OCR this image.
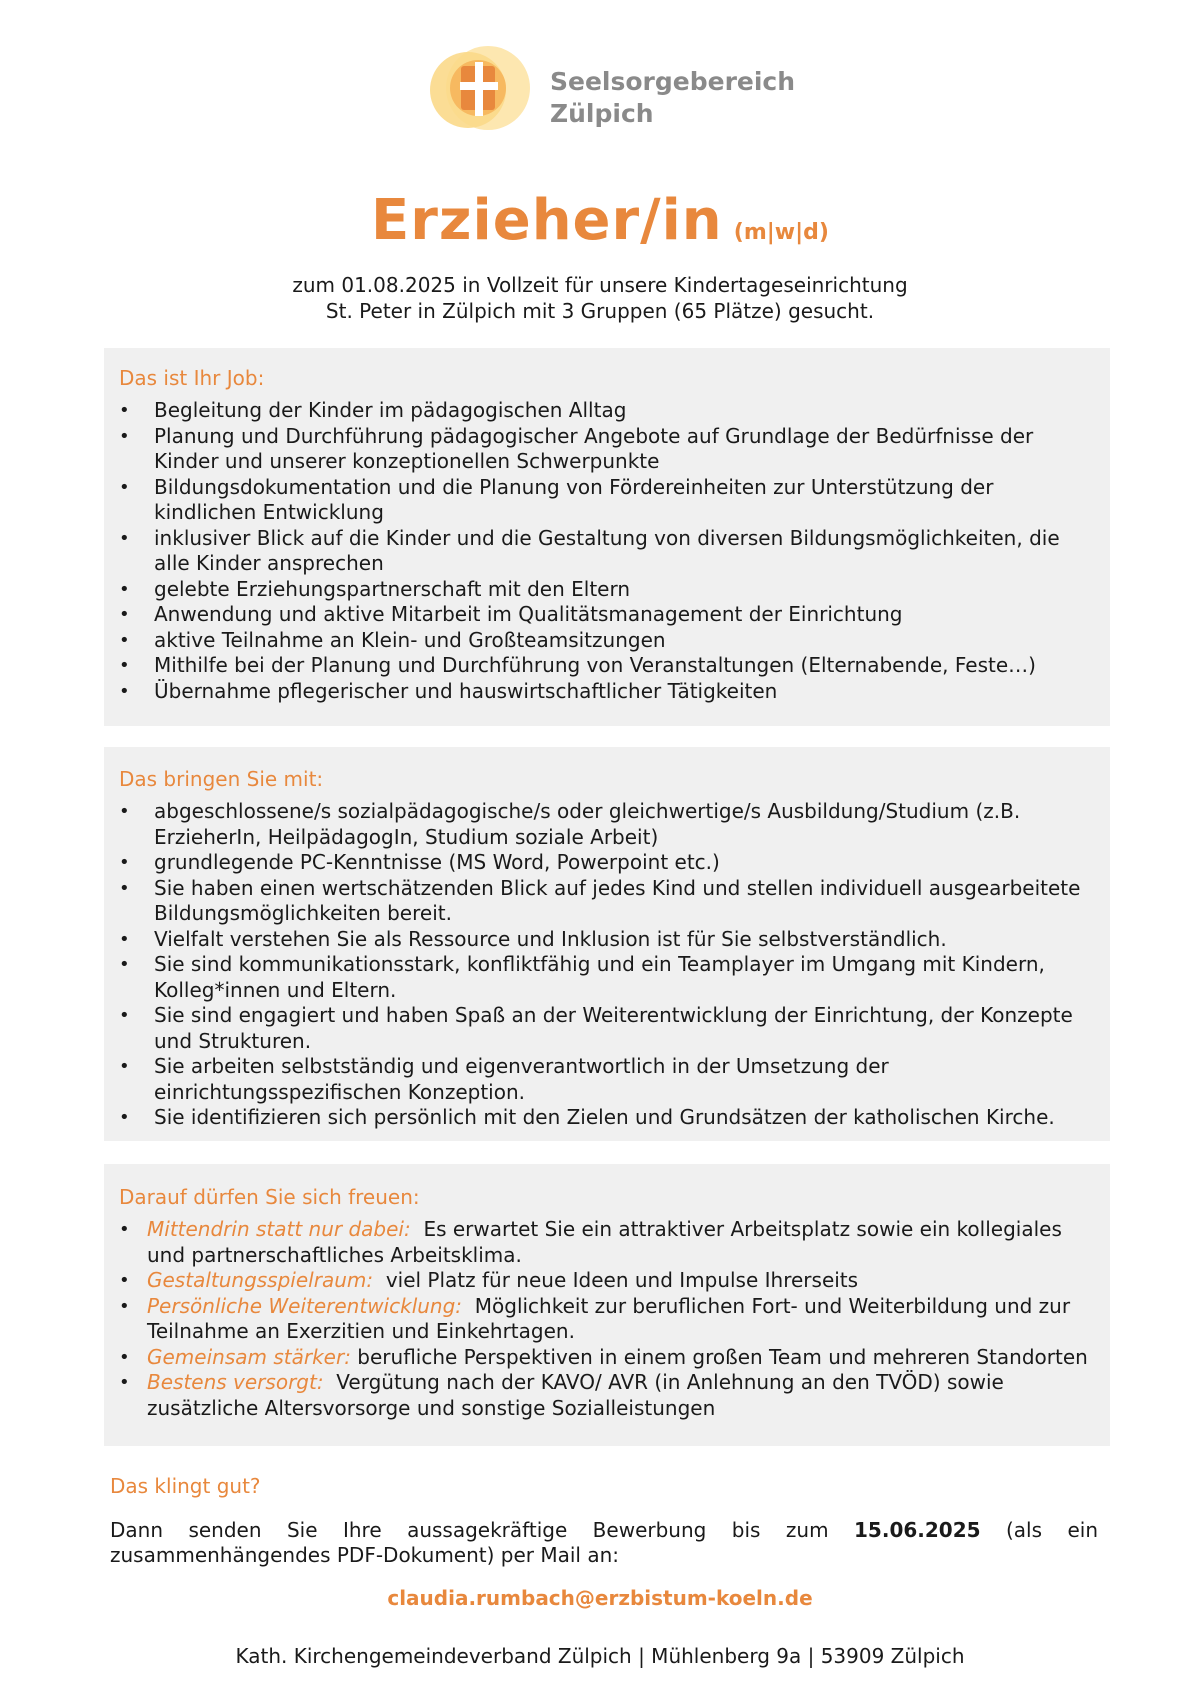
Seelsorgebereich
Zülpich
Erzieher/in (m|w|d)
zum 01.08.2025 in Vollzeit für unsere Kindertageseinrichtung
St. Peter in Zülpich mit 3 Gruppen (65 Plätze) gesucht.
Das ist Ihr Job:
• Begleitung der Kinder im pädagogischen Alltag
• Planung und Durchführung pädagogischer Angebote auf Grundlage der Bedürfnisse der Kinder und unserer konzeptionellen Schwerpunkte
• Bildungsdokumentation und die Planung von Fördereinheiten zur Unterstützung der kindlichen Entwicklung
• inklusiver Blick auf die Kinder und die Gestaltung von diversen Bildungsmöglichkeiten, die alle Kinder ansprechen
• gelebte Erziehungspartnerschaft mit den Eltern
• Anwendung und aktive Mitarbeit im Qualitätsmanagement der Einrichtung
• aktive Teilnahme an Klein- und Großteamsitzungen
• Mithilfe bei der Planung und Durchführung von Veranstaltungen (Elternabende, Feste…)
• Übernahme pflegerischer und hauswirtschaftlicher Tätigkeiten
Das bringen Sie mit:
• abgeschlossene/s sozialpädagogische/s oder gleichwertige/s Ausbildung/Studium (z.B. ErzieherIn, HeilpädagogIn, Studium soziale Arbeit)
• grundlegende PC-Kenntnisse (MS Word, Powerpoint etc.)
• Sie haben einen wertschätzenden Blick auf jedes Kind und stellen individuell ausgearbeitete Bildungsmöglichkeiten bereit.
• Vielfalt verstehen Sie als Ressource und Inklusion ist für Sie selbstverständlich.
• Sie sind kommunikationsstark, konfliktfähig und ein Teamplayer im Umgang mit Kindern, Kolleg*innen und Eltern.
• Sie sind engagiert und haben Spaß an der Weiterentwicklung der Einrichtung, der Konzepte und Strukturen.
• Sie arbeiten selbstständig und eigenverantwortlich in der Umsetzung der einrichtungsspezifischen Konzeption.
• Sie identifizieren sich persönlich mit den Zielen und Grundsätzen der katholischen Kirche.
Darauf dürfen Sie sich freuen:
• Mittendrin statt nur dabei: Es erwartet Sie ein attraktiver Arbeitsplatz sowie ein kollegiales und partnerschaftliches Arbeitsklima.
• Gestaltungsspielraum: viel Platz für neue Ideen und Impulse Ihrerseits
• Persönliche Weiterentwicklung: Möglichkeit zur beruflichen Fort- und Weiterbildung und zur Teilnahme an Exerzitien und Einkehrtagen.
• Gemeinsam stärker: berufliche Perspektiven in einem großen Team und mehreren Standorten
• Bestens versorgt: Vergütung nach der KAVO/ AVR (in Anlehnung an den TVÖD) sowie zusätzliche Altersvorsorge und sonstige Sozialleistungen
Das klingt gut?
Dann senden Sie Ihre aussagekräftige Bewerbung bis zum 15.06.2025 (als ein zusammenhängendes PDF-Dokument) per Mail an:
claudia.rumbach@erzbistum-koeln.de
Kath. Kirchengemeindeverband Zülpich | Mühlenberg 9a | 53909 Zülpich
